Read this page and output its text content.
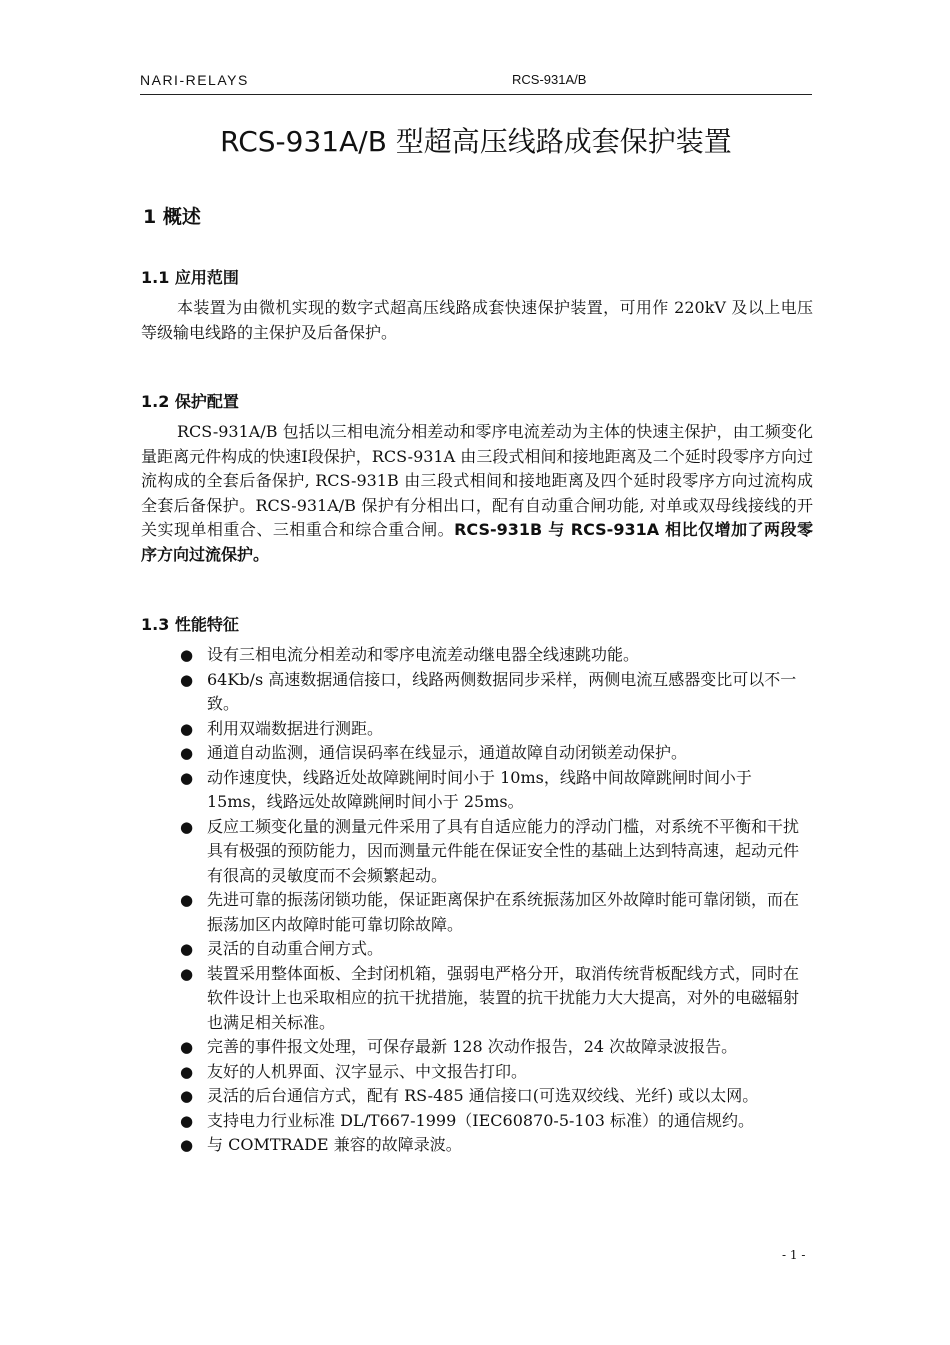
NARI-RELAYS	RCS-931A/B
RCS-931A/B 型超高压线路成套保护装置
1 概述
1.1 应用范围

本装置为由微机实现的数字式超高压线路成套快速保护装置，可用作 220kV 及以上电压等级输电线路的主保护及后备保护。

1.2 保护配置

RCS-931A/B 包括以三相电流分相差动和零序电流差动为主体的快速主保护，由工频变化量距离元件构成的快速Ⅰ段保护，RCS-931A 由三段式相间和接地距离及二个延时段零序方向过流构成的全套后备保护, RCS-931B 由三段式相间和接地距离及四个延时段零序方向过流构成全套后备保护。RCS-931A/B 保护有分相出口，配有自动重合闸功能, 对单或双母线接线的开关实现单相重合、三相重合和综合重合闸。RCS-931B 与 RCS-931A 相比仅增加了两段零序方向过流保护。

1.3 性能特征
● 设有三相电流分相差动和零序电流差动继电器全线速跳功能。
● 64Kb/s 高速数据通信接口，线路两侧数据同步采样，两侧电流互感器变比可以不一致。
● 利用双端数据进行测距。
● 通道自动监测，通信误码率在线显示，通道故障自动闭锁差动保护。
● 动作速度快，线路近处故障跳闸时间小于 10ms，线路中间故障跳闸时间小于 15ms，线路远处故障跳闸时间小于 25ms。
● 反应工频变化量的测量元件采用了具有自适应能力的浮动门槛，对系统不平衡和干扰具有极强的预防能力，因而测量元件能在保证安全性的基础上达到特高速，起动元件有很高的灵敏度而不会频繁起动。
● 先进可靠的振荡闭锁功能，保证距离保护在系统振荡加区外故障时能可靠闭锁，而在振荡加区内故障时能可靠切除故障。
● 灵活的自动重合闸方式。
● 装置采用整体面板、全封闭机箱，强弱电严格分开，取消传统背板配线方式，同时在软件设计上也采取相应的抗干扰措施，装置的抗干扰能力大大提高，对外的电磁辐射也满足相关标准。
● 完善的事件报文处理，可保存最新 128 次动作报告，24 次故障录波报告。
● 友好的人机界面、汉字显示、中文报告打印。
● 灵活的后台通信方式，配有 RS-485 通信接口(可选双绞线、光纤) 或以太网。
● 支持电力行业标准 DL/T667-1999（IEC60870-5-103 标准）的通信规约。
● 与 COMTRADE 兼容的故障录波。
- 1 -
